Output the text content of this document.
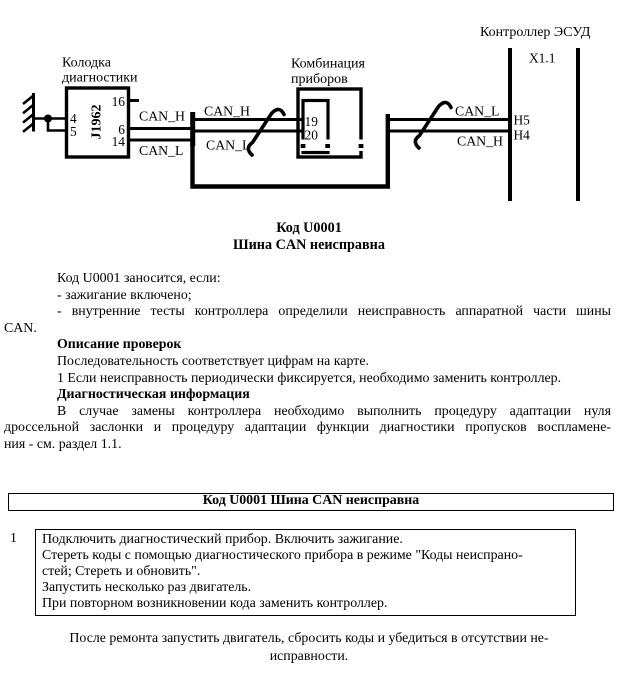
Колодка
диагностики
J1962
4
5
16
6
14
CAN_H
CAN_L
Комбинация
приборов
19
20
CAN_H
CAN_L
CAN_L
CAN_H
Контроллер ЭСУД
X1.1
H5
H4
Код U0001
Шина CAN неисправна
Код U0001 заносится, если:
- зажигание включено;
- внутренние тесты контроллера определили неисправность аппаратной части шины
CAN.
Описание проверок
Последовательность соответствует цифрам на карте.
1 Если неисправность периодически фиксируется, необходимо заменить контроллер.
Диагностическая информация
В случае замены контроллера необходимо выполнить процедуру адаптации нуля
дроссельной заслонки и процедуру адаптации функции диагностики пропусков воспламене-
ния - см. раздел 1.1.
Код U0001 Шина CAN неисправна
1	Подключить диагностический прибор. Включить зажигание.
Стереть коды с помощью диагностического прибора в режиме "Коды неиспрано-
стей; Стереть и обновить".
Запустить несколько раз двигатель.
При повторном возникновении кода заменить контроллер.
После ремонта запустить двигатель, сбросить коды и убедиться в отсутствии не-
исправности.
